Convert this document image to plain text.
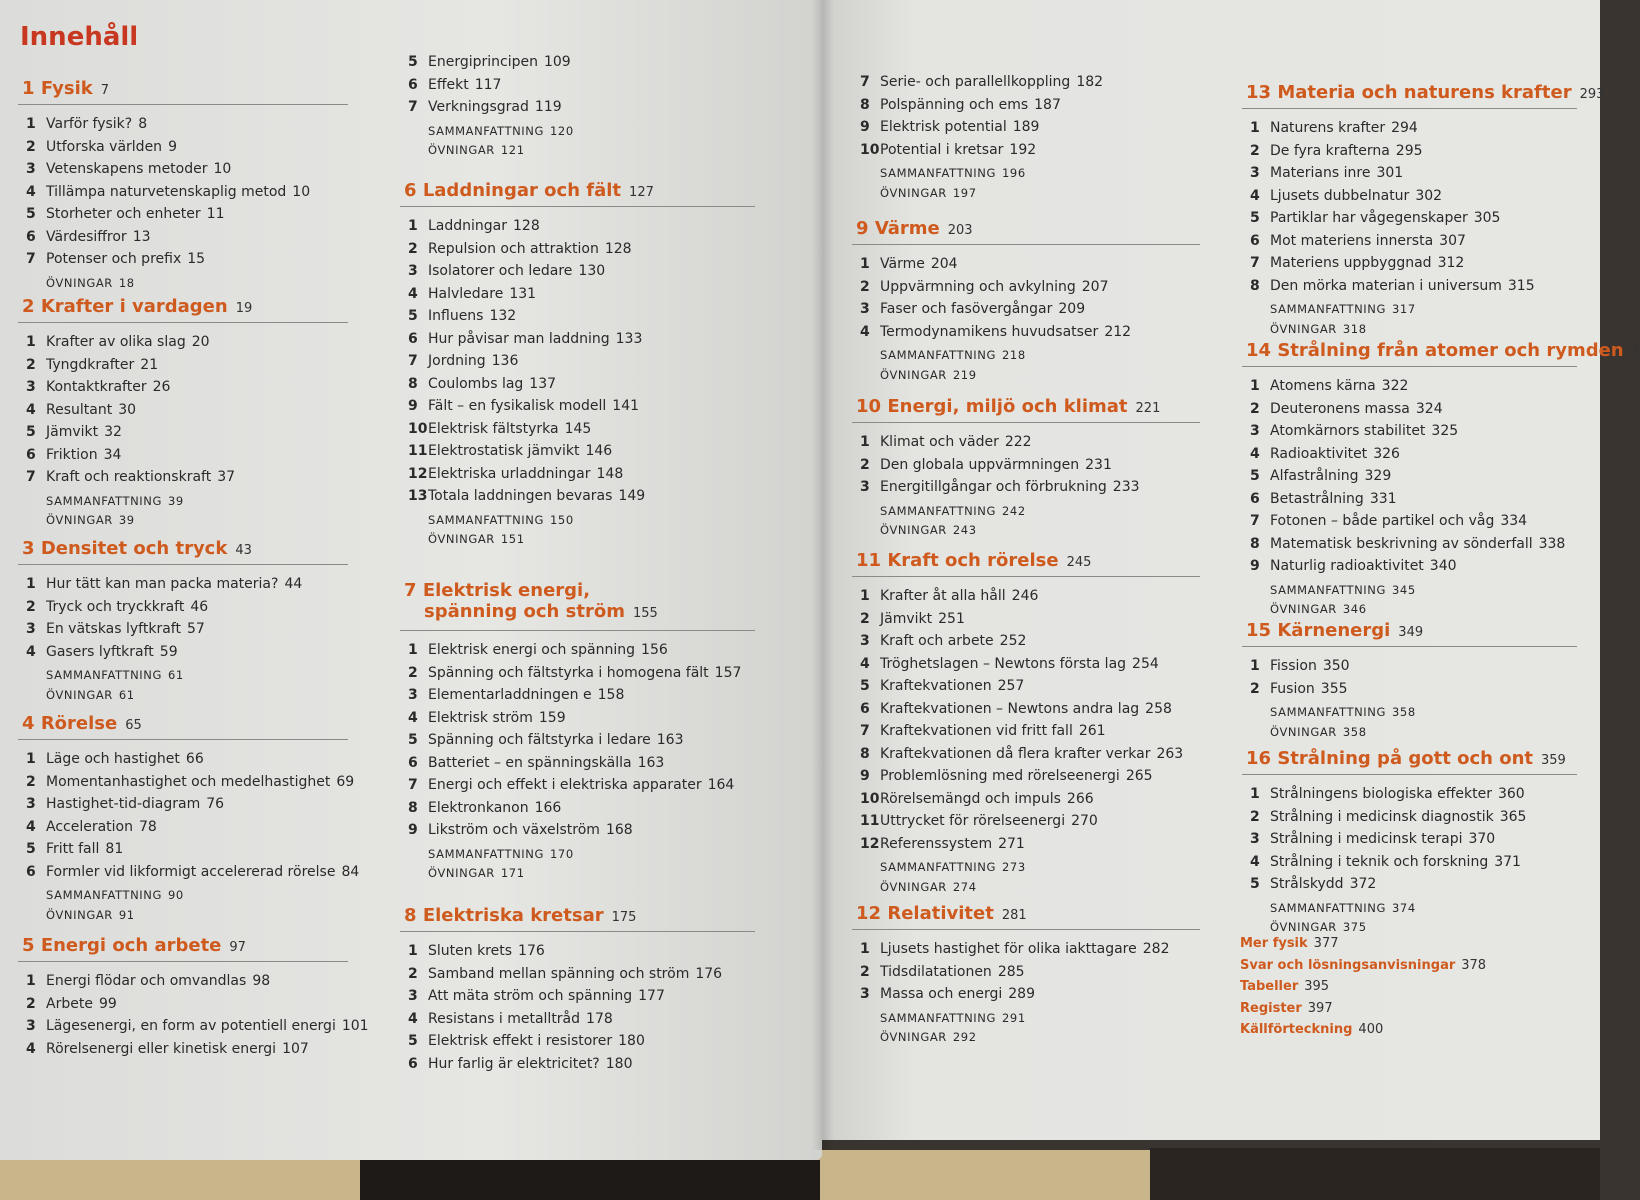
Innehåll
1 Fysik 7
1 Varför fysik? 8
2 Utforska världen 9
3 Vetenskapens metoder 10
4 Tillämpa naturvetenskaplig metod 10
5 Storheter och enheter 11
6 Värdesiffror 13
7 Potenser och prefix 15
ÖVNINGAR 18
2 Krafter i vardagen 19
1 Krafter av olika slag 20
2 Tyngdkrafter 21
3 Kontaktkrafter 26
4 Resultant 30
5 Jämvikt 32
6 Friktion 34
7 Kraft och reaktionskraft 37
SAMMANFATTNING 39
ÖVNINGAR 39
3 Densitet och tryck 43
1 Hur tätt kan man packa materia? 44
2 Tryck och tryckkraft 46
3 En vätskas lyftkraft 57
4 Gasers lyftkraft 59
SAMMANFATTNING 61
ÖVNINGAR 61
4 Rörelse 65
1 Läge och hastighet 66
2 Momentanhastighet och medelhastighet 69
3 Hastighet-tid-diagram 76
4 Acceleration 78
5 Fritt fall 81
6 Formler vid likformigt accelererad rörelse 84
SAMMANFATTNING 90
ÖVNINGAR 91
5 Energi och arbete 97
1 Energi flödar och omvandlas 98
2 Arbete 99
3 Lägesenergi, en form av potentiell energi 101
4 Rörelsenergi eller kinetisk energi 107
5 Energiprincipen 109
6 Effekt 117
7 Verkningsgrad 119
SAMMANFATTNING 120
ÖVNINGAR 121
6 Laddningar och fält 127
1 Laddningar 128
2 Repulsion och attraktion 128
3 Isolatorer och ledare 130
4 Halvledare 131
5 Influens 132
6 Hur påvisar man laddning 133
7 Jordning 136
8 Coulombs lag 137
9 Fält – en fysikalisk modell 141
10Elektrisk fältstyrka 145
11Elektrostatisk jämvikt 146
12Elektriska urladdningar 148
13Totala laddningen bevaras 149
SAMMANFATTNING 150
ÖVNINGAR 151
7 Elektrisk energi,
spänning och ström 155
1 Elektrisk energi och spänning 156
2 Spänning och fältstyrka i homogena fält 157
3 Elementarladdningen e 158
4 Elektrisk ström 159
5 Spänning och fältstyrka i ledare 163
6 Batteriet – en spänningskälla 163
7 Energi och effekt i elektriska apparater 164
8 Elektronkanon 166
9 Likström och växelström 168
SAMMANFATTNING 170
ÖVNINGAR 171
8 Elektriska kretsar 175
1 Sluten krets 176
2 Samband mellan spänning och ström 176
3 Att mäta ström och spänning 177
4 Resistans i metalltråd 178
5 Elektrisk effekt i resistorer 180
6 Hur farlig är elektricitet? 180
7 Serie- och parallellkoppling 182
8 Polspänning och ems 187
9 Elektrisk potential 189
10Potential i kretsar 192
SAMMANFATTNING 196
ÖVNINGAR 197
9 Värme 203
1 Värme 204
2 Uppvärmning och avkylning 207
3 Faser och fasövergångar 209
4 Termodynamikens huvudsatser 212
SAMMANFATTNING 218
ÖVNINGAR 219
10 Energi, miljö och klimat 221
1 Klimat och väder 222
2 Den globala uppvärmningen 231
3 Energitillgångar och förbrukning 233
SAMMANFATTNING 242
ÖVNINGAR 243
11 Kraft och rörelse 245
1 Krafter åt alla håll 246
2 Jämvikt 251
3 Kraft och arbete 252
4 Tröghetslagen – Newtons första lag 254
5 Kraftekvationen 257
6 Kraftekvationen – Newtons andra lag 258
7 Kraftekvationen vid fritt fall 261
8 Kraftekvationen då flera krafter verkar 263
9 Problemlösning med rörelseenergi 265
10Rörelsemängd och impuls 266
11Uttrycket för rörelseenergi 270
12Referenssystem 271
SAMMANFATTNING 273
ÖVNINGAR 274
12 Relativitet 281
1 Ljusets hastighet för olika iakttagare 282
2 Tidsdilatationen 285
3 Massa och energi 289
SAMMANFATTNING 291
ÖVNINGAR 292
13 Materia och naturens krafter 293
1 Naturens krafter 294
2 De fyra krafterna 295
3 Materians inre 301
4 Ljusets dubbelnatur 302
5 Partiklar har vågegenskaper 305
6 Mot materiens innersta 307
7 Materiens uppbyggnad 312
8 Den mörka materian i universum 315
SAMMANFATTNING 317
ÖVNINGAR 318
14 Strålning från atomer och rymden 3
1 Atomens kärna 322
2 Deuteronens massa 324
3 Atomkärnors stabilitet 325
4 Radioaktivitet 326
5 Alfastrålning 329
6 Betastrålning 331
7 Fotonen – både partikel och våg 334
8 Matematisk beskrivning av sönderfall 338
9 Naturlig radioaktivitet 340
SAMMANFATTNING 345
ÖVNINGAR 346
15 Kärnenergi 349
1 Fission 350
2 Fusion 355
SAMMANFATTNING 358
ÖVNINGAR 358
16 Strålning på gott och ont 359
1 Strålningens biologiska effekter 360
2 Strålning i medicinsk diagnostik 365
3 Strålning i medicinsk terapi 370
4 Strålning i teknik och forskning 371
5 Strålskydd 372
SAMMANFATTNING 374
ÖVNINGAR 375
Mer fysik 377
Svar och lösningsanvisningar 378
Tabeller 395
Register 397
Källförteckning 400
